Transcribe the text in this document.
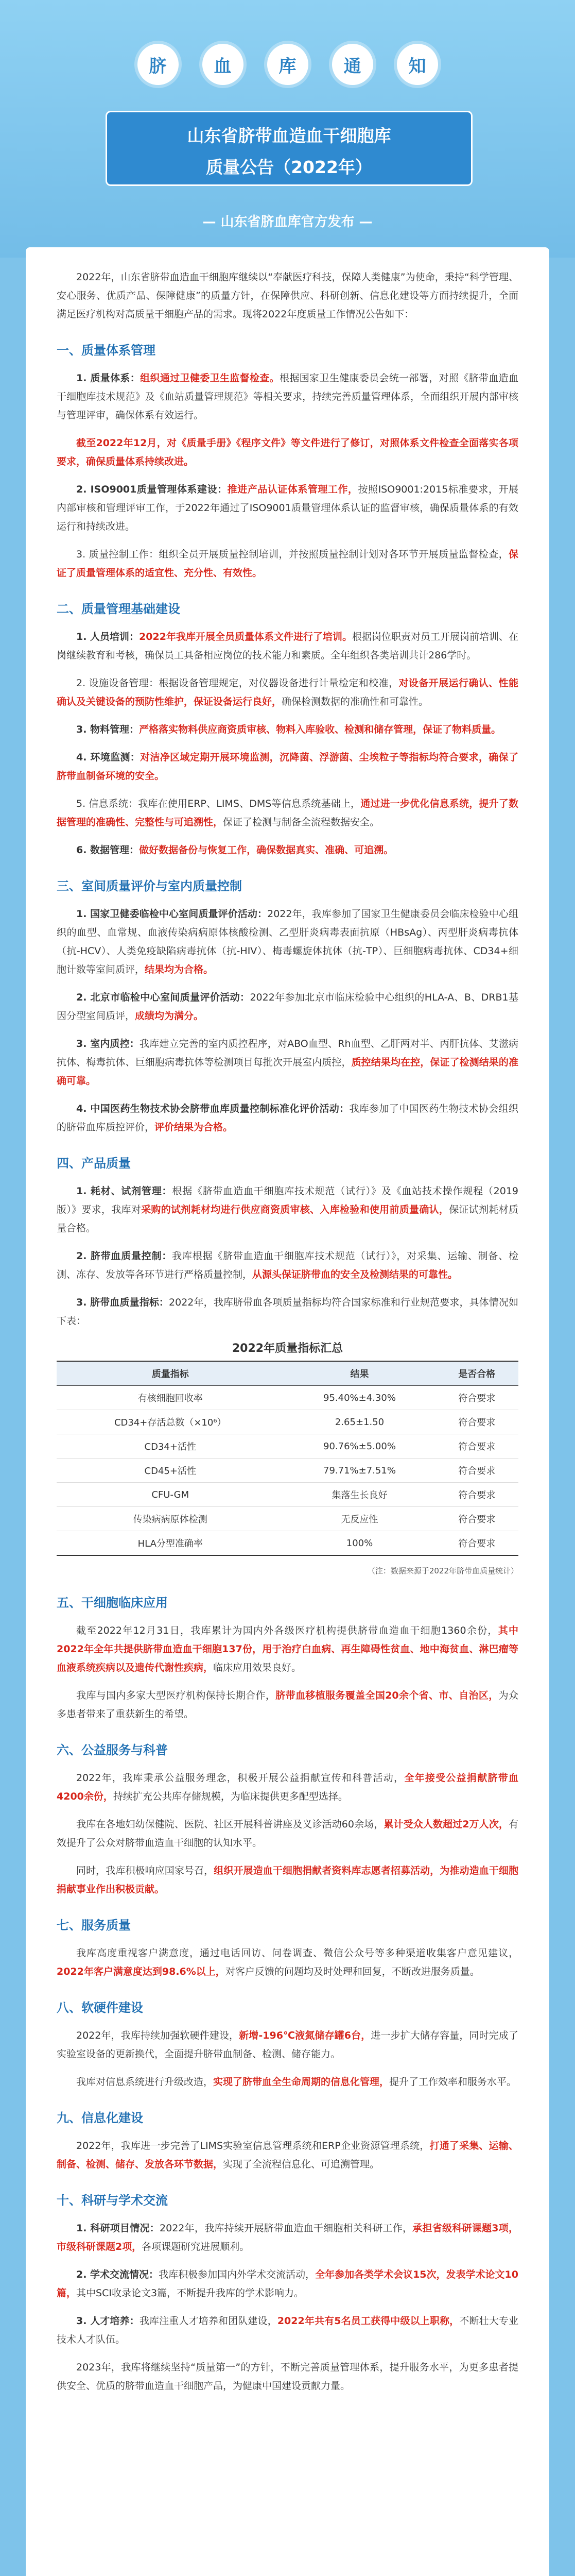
脐	血	库	通	知
山东省脐带血造血干细胞库
质量公告（2022年）
— 山东省脐血库官方发布 —

2022年，山东省脐带血造血干细胞库继续以“奉献医疗科技，保障人类健康”为使命，秉持“科学管理、安心服务、优质产品、保障健康”的质量方针，在保障供应、科研创新、信息化建设等方面持续提升，全面满足医疗机构对高质量干细胞产品的需求。现将2022年度质量工作情况公告如下：

一、质量体系管理

1. 质量体系：组织通过卫健委卫生监督检查。根据国家卫生健康委员会统一部署，对照《脐带血造血干细胞库技术规范》及《血站质量管理规范》等相关要求，持续完善质量管理体系，全面组织开展内部审核与管理评审，确保体系有效运行。

截至2022年12月，对《质量手册》《程序文件》等文件进行了修订，对照体系文件检查全面落实各项要求，确保质量体系持续改进。

2. ISO9001质量管理体系建设：推进产品认证体系管理工作，按照ISO9001:2015标准要求，开展内部审核和管理评审工作，于2022年通过了ISO9001质量管理体系认证的监督审核，确保质量体系的有效运行和持续改进。

3. 质量控制工作：组织全员开展质量控制培训，并按照质量控制计划对各环节开展质量监督检查，保证了质量管理体系的适宜性、充分性、有效性。

二、质量管理基础建设

1. 人员培训：2022年我库开展全员质量体系文件进行了培训。根据岗位职责对员工开展岗前培训、在岗继续教育和考核，确保员工具备相应岗位的技术能力和素质。全年组织各类培训共计286学时。

2. 设施设备管理：根据设备管理规定，对仪器设备进行计量检定和校准，对设备开展运行确认、性能确认及关键设备的预防性维护，保证设备运行良好，确保检测数据的准确性和可靠性。

3. 物料管理：严格落实物料供应商资质审核、物料入库验收、检测和储存管理，保证了物料质量。

4. 环境监测：对洁净区域定期开展环境监测，沉降菌、浮游菌、尘埃粒子等指标均符合要求，确保了脐带血制备环境的安全。

5. 信息系统：我库在使用ERP、LIMS、DMS等信息系统基础上，通过进一步优化信息系统，提升了数据管理的准确性、完整性与可追溯性，保证了检测与制备全流程数据安全。

6. 数据管理：做好数据备份与恢复工作，确保数据真实、准确、可追溯。

三、室间质量评价与室内质量控制

1. 国家卫健委临检中心室间质量评价活动：2022年，我库参加了国家卫生健康委员会临床检验中心组织的血型、血常规、血液传染病病原体核酸检测、乙型肝炎病毒表面抗原（HBsAg）、丙型肝炎病毒抗体（抗-HCV）、人类免疫缺陷病毒抗体（抗-HIV）、梅毒螺旋体抗体（抗-TP）、巨细胞病毒抗体、CD34+细胞计数等室间质评，结果均为合格。

2. 北京市临检中心室间质量评价活动：2022年参加北京市临床检验中心组织的HLA-A、B、DRB1基因分型室间质评，成绩均为满分。

3. 室内质控：我库建立完善的室内质控程序，对ABO血型、Rh血型、乙肝两对半、丙肝抗体、艾滋病抗体、梅毒抗体、巨细胞病毒抗体等检测项目每批次开展室内质控，质控结果均在控，保证了检测结果的准确可靠。

4. 中国医药生物技术协会脐带血库质量控制标准化评价活动：我库参加了中国医药生物技术协会组织的脐带血库质控评价，评价结果为合格。

四、产品质量

1. 耗材、试剂管理：根据《脐带血造血干细胞库技术规范（试行）》及《血站技术操作规程（2019版）》要求，我库对采购的试剂耗材均进行供应商资质审核、入库检验和使用前质量确认，保证试剂耗材质量合格。

2. 脐带血质量控制：我库根据《脐带血造血干细胞库技术规范（试行）》，对采集、运输、制备、检测、冻存、发放等各环节进行严格质量控制，从源头保证脐带血的安全及检测结果的可靠性。

3. 脐带血质量指标：2022年，我库脐带血各项质量指标均符合国家标准和行业规范要求，具体情况如下表：

2022年质量指标汇总
质量指标	结果	是否合格
有核细胞回收率	95.40%±4.30%	符合要求
CD34+存活总数（×10⁶）	2.65±1.50	符合要求
CD34+活性	90.76%±5.00%	符合要求
CD45+活性	79.71%±7.51%	符合要求
CFU-GM	集落生长良好	符合要求
传染病病原体检测	无反应性	符合要求
HLA分型准确率	100%	符合要求
（注：数据来源于2022年脐带血质量统计）
五、干细胞临床应用

截至2022年12月31日，我库累计为国内外各级医疗机构提供脐带血造血干细胞1360余份，其中2022年全年共提供脐带血造血干细胞137份，用于治疗白血病、再生障碍性贫血、地中海贫血、淋巴瘤等血液系统疾病以及遗传代谢性疾病，临床应用效果良好。

我库与国内多家大型医疗机构保持长期合作，脐带血移植服务覆盖全国20余个省、市、自治区，为众多患者带来了重获新生的希望。

六、公益服务与科普

2022年，我库秉承公益服务理念，积极开展公益捐献宣传和科普活动，全年接受公益捐献脐带血4200余份，持续扩充公共库存储规模，为临床提供更多配型选择。

我库在各地妇幼保健院、医院、社区开展科普讲座及义诊活动60余场，累计受众人数超过2万人次，有效提升了公众对脐带血造血干细胞的认知水平。

同时，我库积极响应国家号召，组织开展造血干细胞捐献者资料库志愿者招募活动，为推动造血干细胞捐献事业作出积极贡献。

七、服务质量

我库高度重视客户满意度，通过电话回访、问卷调查、微信公众号等多种渠道收集客户意见建议，2022年客户满意度达到98.6%以上，对客户反馈的问题均及时处理和回复，不断改进服务质量。

八、软硬件建设

2022年，我库持续加强软硬件建设，新增-196℃液氮储存罐6台，进一步扩大储存容量，同时完成了实验室设备的更新换代，全面提升脐带血制备、检测、储存能力。

我库对信息系统进行升级改造，实现了脐带血全生命周期的信息化管理，提升了工作效率和服务水平。

九、信息化建设

2022年，我库进一步完善了LIMS实验室信息管理系统和ERP企业资源管理系统，打通了采集、运输、制备、检测、储存、发放各环节数据，实现了全流程信息化、可追溯管理。

十、科研与学术交流

1. 科研项目情况：2022年，我库持续开展脐带血造血干细胞相关科研工作，承担省级科研课题3项，市级科研课题2项，各项课题研究进展顺利。

2. 学术交流情况：我库积极参加国内外学术交流活动，全年参加各类学术会议15次，发表学术论文10篇，其中SCI收录论文3篇，不断提升我库的学术影响力。

3. 人才培养：我库注重人才培养和团队建设，2022年共有5名员工获得中级以上职称，不断壮大专业技术人才队伍。

2023年，我库将继续坚持“质量第一”的方针，不断完善质量管理体系，提升服务水平，为更多患者提供安全、优质的脐带血造血干细胞产品，为健康中国建设贡献力量。
